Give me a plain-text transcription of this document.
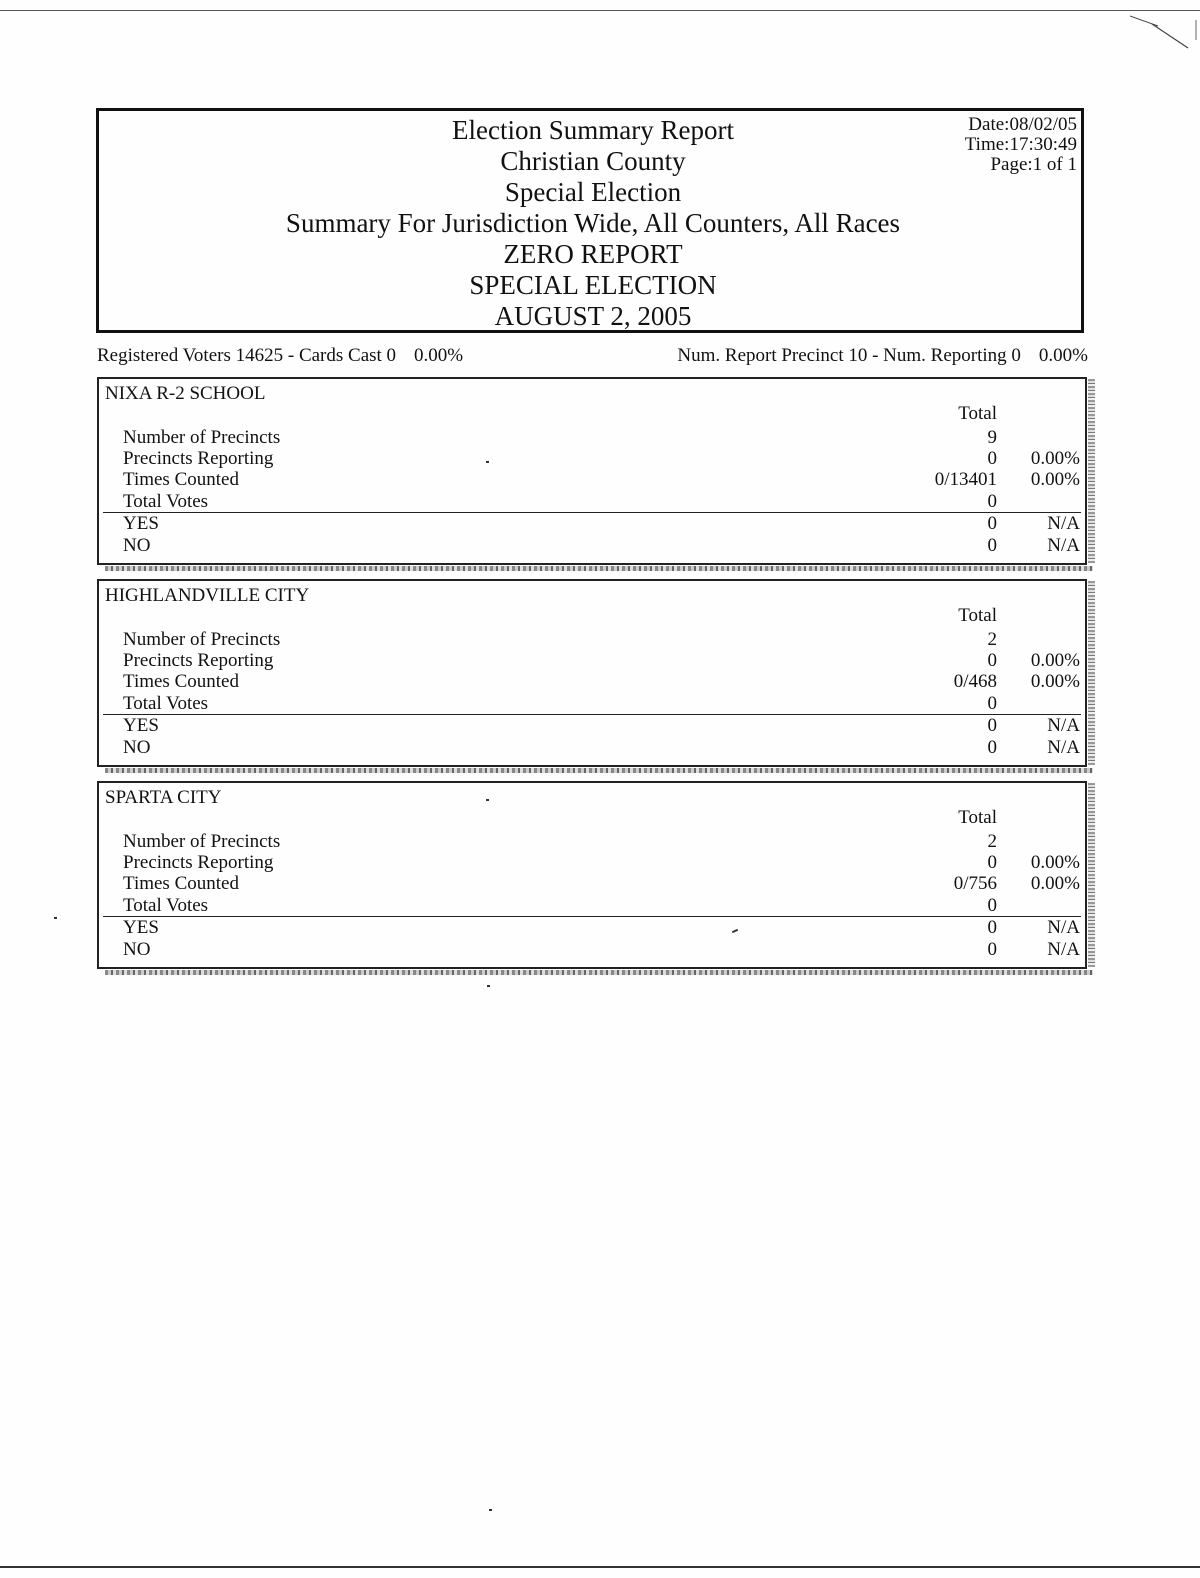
Election Summary Report
Christian County
Special Election
Summary For Jurisdiction Wide, All Counters, All Races
ZERO REPORT
SPECIAL ELECTION
AUGUST 2, 2005
Date:08/02/05
Time:17:30:49
Page:1 of 1
Registered Voters 14625 - Cards Cast 0 0.00%	Num. Report Precinct 10 - Num. Reporting 0 0.00%
NIXA R-2 SCHOOL
Total
Number of Precincts	9
Precincts Reporting	0 0.00%
Times Counted	0/13401 0.00%
Total Votes	0
YES	0	N/A
NO	0	N/A
HIGHLANDVILLE CITY
Total
Number of Precincts	2
Precincts Reporting	0 0.00%
Times Counted	0/468 0.00%
Total Votes	0
YES	0	N/A
NO	0	N/A
SPARTA CITY
Total
Number of Precincts	2
Precincts Reporting	0 0.00%
Times Counted	0/756 0.00%
Total Votes	0
YES	0	N/A
NO	0	N/A
